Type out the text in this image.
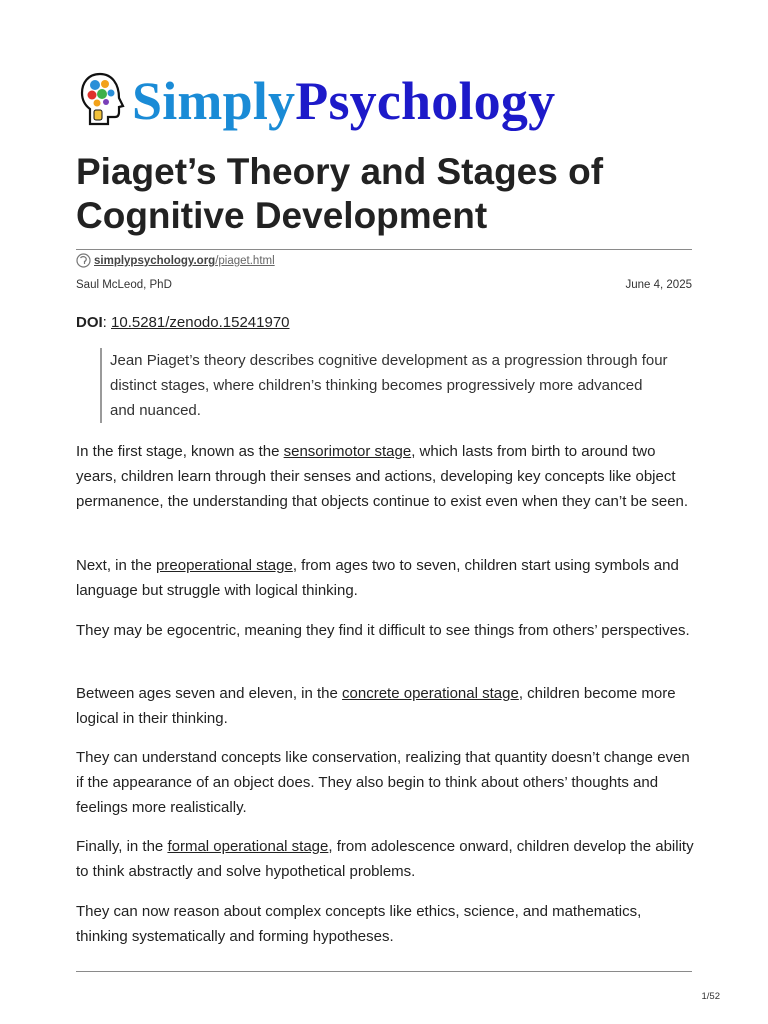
SimplyPsychology
Piaget’s Theory and Stages of Cognitive Development
simplypsychology.org/piaget.html
Saul McLeod, PhD	June 4, 2025
DOI: 10.5281/zenodo.15241970
Jean Piaget’s theory describes cognitive development as a progression through four distinct stages, where children’s thinking becomes progressively more advanced and nuanced.

In the first stage, known as the sensorimotor stage, which lasts from birth to around two years, children learn through their senses and actions, developing key concepts like object permanence, the understanding that objects continue to exist even when they can’t be seen.

Next, in the preoperational stage, from ages two to seven, children start using symbols and language but struggle with logical thinking.

They may be egocentric, meaning they find it difficult to see things from others’ perspectives.

Between ages seven and eleven, in the concrete operational stage, children become more logical in their thinking.

They can understand concepts like conservation, realizing that quantity doesn’t change even if the appearance of an object does. They also begin to think about others’ thoughts and feelings more realistically.

Finally, in the formal operational stage, from adolescence onward, children develop the ability to think abstractly and solve hypothetical problems.

They can now reason about complex concepts like ethics, science, and mathematics, thinking systematically and forming hypotheses.

1/52
